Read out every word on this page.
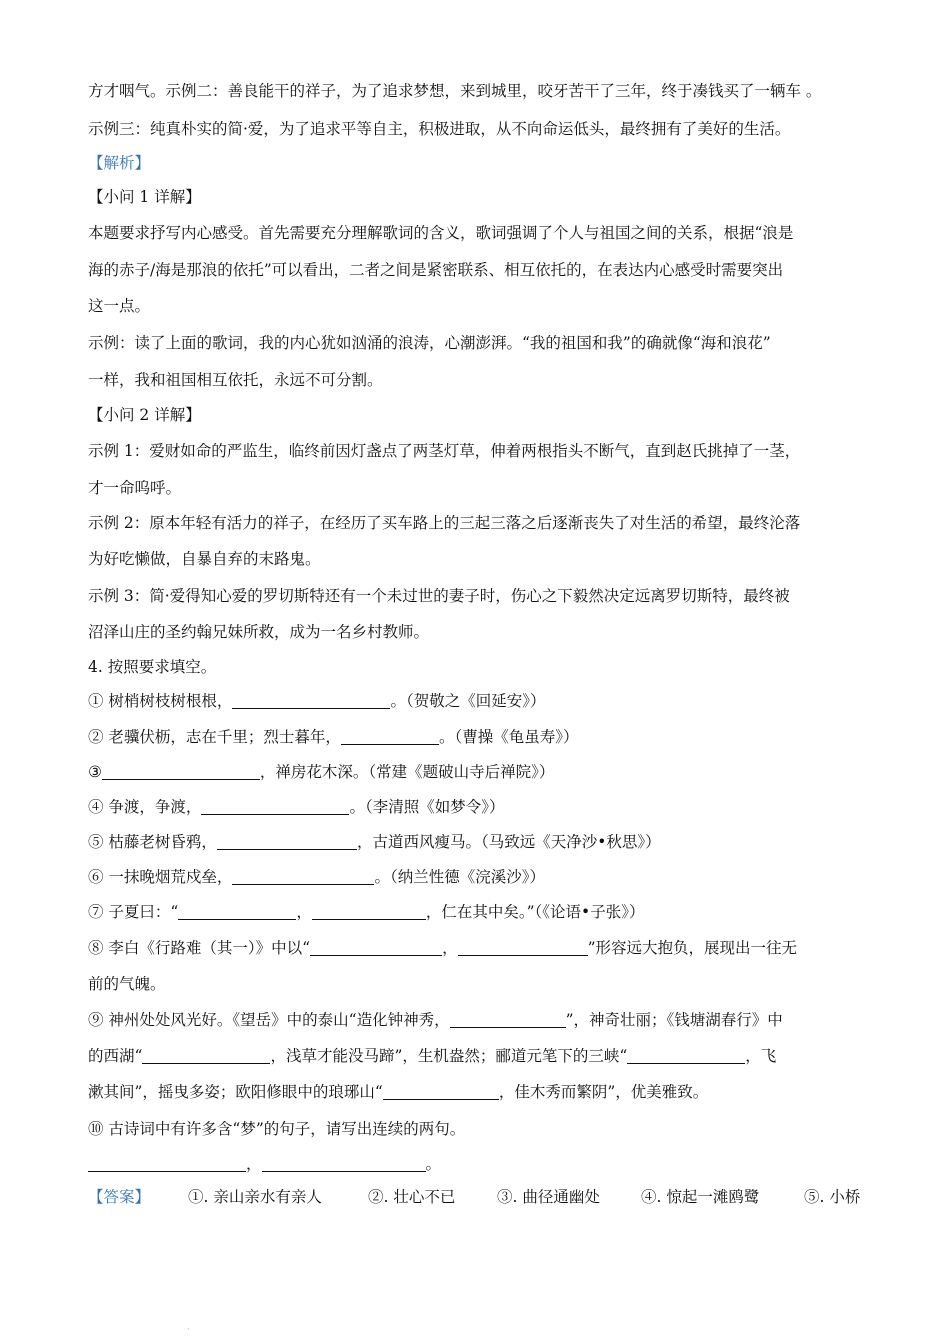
方才咽气。示例二：善良能干的祥子，为了追求梦想，来到城里，咬牙苦干了三年，终于凑钱买了一辆车 。
示例三：纯真朴实的简·爱，为了追求平等自主，积极进取，从不向命运低头，最终拥有了美好的生活。
【解析】
【小问 1 详解】
本题要求抒写内心感受。首先需要充分理解歌词的含义，歌词强调了个人与祖国之间的关系，根据“浪是
海的赤子/海是那浪的依托”可以看出，二者之间是紧密联系、相互依托的，在表达内心感受时需要突出
这一点。
示例：读了上面的歌词，我的内心犹如汹涌的浪涛，心潮澎湃。“我的祖国和我”的确就像“海和浪花”
一样，我和祖国相互依托，永远不可分割。
【小问 2 详解】
示例 1：爱财如命的严监生，临终前因灯盏点了两茎灯草，伸着两根指头不断气，直到赵氏挑掉了一茎，
才一命呜呼。
示例 2：原本年轻有活力的祥子，在经历了买车路上的三起三落之后逐渐丧失了对生活的希望，最终沦落
为好吃懒做，自暴自弃的末路鬼。
示例 3：简·爱得知心爱的罗切斯特还有一个未过世的妻子时，伤心之下毅然决定远离罗切斯特，最终被
沼泽山庄的圣约翰兄妹所救，成为一名乡村教师。
4. 按照要求填空。
① 树梢树枝树根根，	。（贺敬之《回延安》）
② 老骥伏枥，志在千里；烈士暮年，	。（曹操《龟虽寿》）
③	，禅房花木深。（常建《题破山寺后禅院》）
④ 争渡，争渡，	。（李清照《如梦令》）
⑤ 枯藤老树昏鸦，	，古道西风瘦马。（马致远《天净沙•秋思》）
⑥ 一抹晚烟荒戍垒，	。（纳兰性德《浣溪沙》）
⑦ 子夏曰：“	，	，仁在其中矣。”（《论语•子张》）
⑧ 李白《行路难（其一）》中以“	，	”形容远大抱负，展现出一往无
前的气魄。
⑨ 神州处处风光好。《望岳》中的泰山“造化钟神秀，	”，神奇壮丽；《钱塘湖春行》中
的西湖“	，浅草才能没马蹄”，生机盎然；郦道元笔下的三峡“	，飞
漱其间”，摇曳多姿；欧阳修眼中的琅琊山“	，佳木秀而繁阴”，优美雅致。
⑩ 古诗词中有许多含“梦”的句子，请写出连续的两句。
，	。
【答案】 ①. 亲山亲水有亲人	②. 壮心不已	③. 曲径通幽处	④. 惊起一滩鸥鹭	⑤. 小桥
·
